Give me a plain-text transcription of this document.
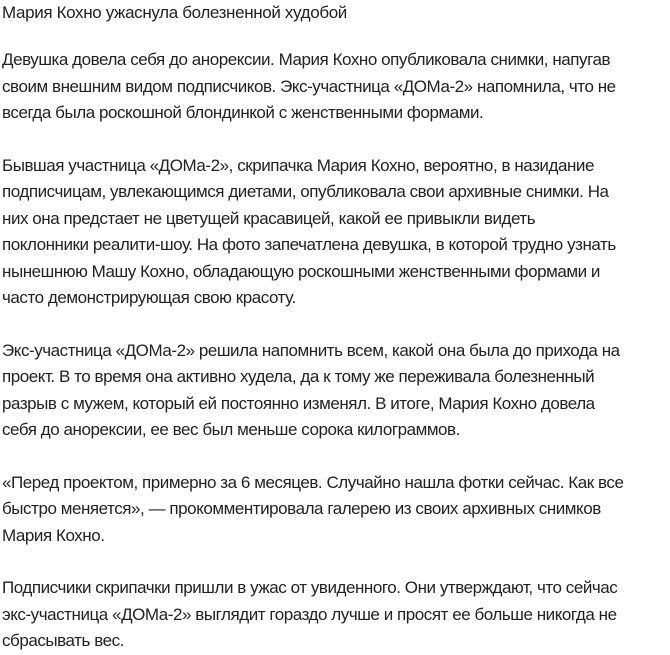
Мария Кохно ужаснула болезненной худобой

Девушка довела себя до анорексии. Мария Кохно опубликовала снимки, напугав
своим внешним видом подписчиков. Экс-участница «ДОМа-2» напомнила, что не
всегда была роскошной блондинкой с женственными формами.

Бывшая участница «ДОМа-2», скрипачка Мария Кохно, вероятно, в назидание
подписчицам, увлекающимся диетами, опубликовала свои архивные снимки. На
них она предстает не цветущей красавицей, какой ее привыкли видеть
поклонники реалити-шоу. На фото запечатлена девушка, в которой трудно узнать
нынешнюю Машу Кохно, обладающую роскошными женственными формами и
часто демонстрирующая свою красоту.

Экс-участница «ДОМа-2» решила напомнить всем, какой она была до прихода на
проект. В то время она активно худела, да к тому же переживала болезненный
разрыв с мужем, который ей постоянно изменял. В итоге, Мария Кохно довела
себя до анорексии, ее вес был меньше сорока килограммов.

«Перед проектом, примерно за 6 месяцев. Случайно нашла фотки сейчас. Как все
быстро меняется», — прокомментировала галерею из своих архивных снимков
Мария Кохно.

Подписчики скрипачки пришли в ужас от увиденного. Они утверждают, что сейчас
экс-участница «ДОМа-2» выглядит гораздо лучше и просят ее больше никогда не
сбрасывать вес.
